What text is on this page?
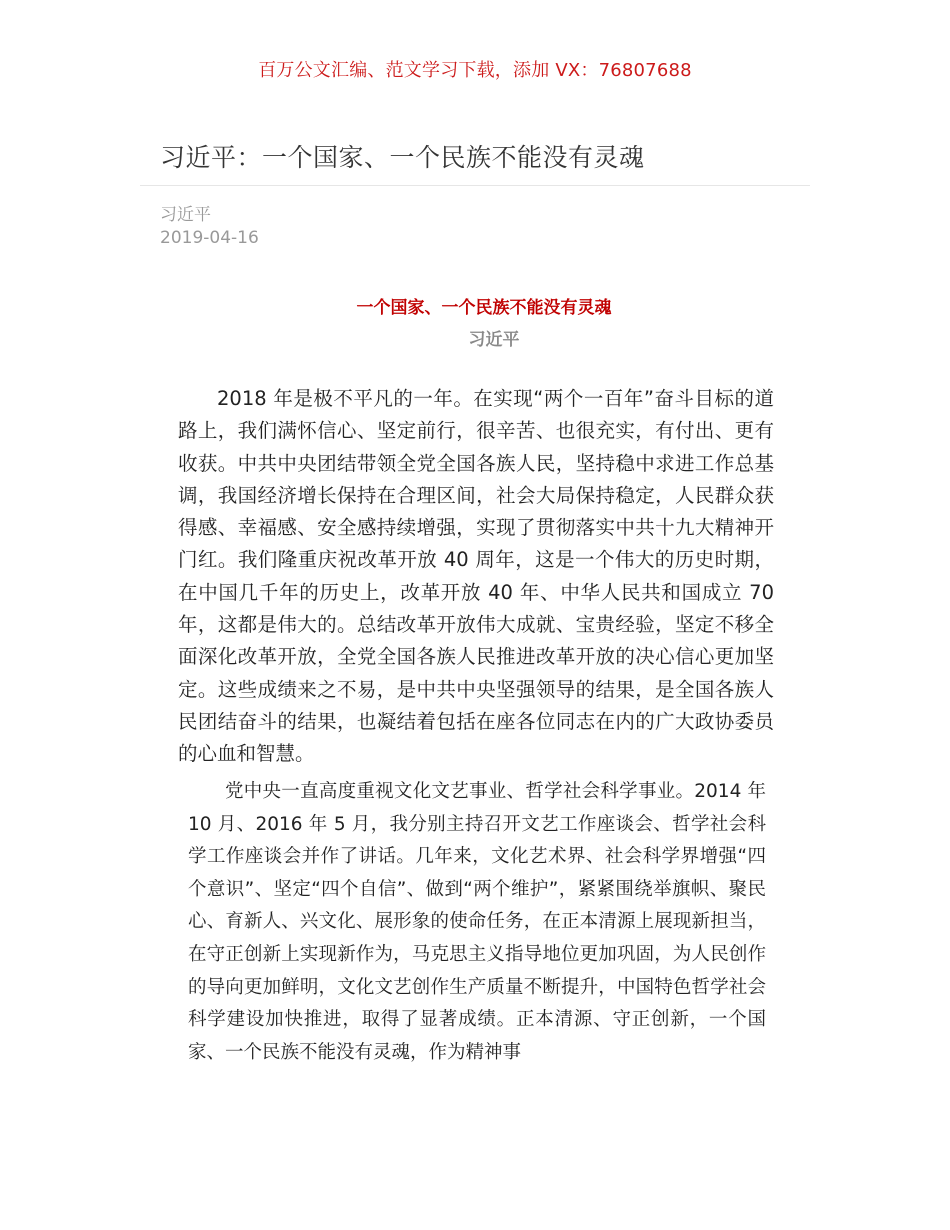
百万公文汇编、范文学习下载，添加 VX：76807688
习近平：一个国家、一个民族不能没有灵魂
习近平
2019-04-16
一个国家、一个民族不能没有灵魂
习近平

2018 年是极不平凡的一年。在实现“两个一百年”奋斗目标的道路上，我们满怀信心、坚定前行，很辛苦、也很充实，有付出、更有收获。中共中央团结带领全党全国各族人民，坚持稳中求进工作总基调，我国经济增长保持在合理区间，社会大局保持稳定，人民群众获得感、幸福感、安全感持续增强，实现了贯彻落实中共十九大精神开门红。我们隆重庆祝改革开放 40 周年，这是一个伟大的历史时期，在中国几千年的历史上，改革开放 40 年、中华人民共和国成立 70 年，这都是伟大的。总结改革开放伟大成就、宝贵经验，坚定不移全面深化改革开放，全党全国各族人民推进改革开放的决心信心更加坚定。这些成绩来之不易，是中共中央坚强领导的结果，是全国各族人民团结奋斗的结果，也凝结着包括在座各位同志在内的广大政协委员的心血和智慧。

党中央一直高度重视文化文艺事业、哲学社会科学事业。2014 年 10 月、2016 年 5 月，我分别主持召开文艺工作座谈会、哲学社会科学工作座谈会并作了讲话。几年来，文化艺术界、社会科学界增强“四个意识”、坚定“四个自信”、做到“两个维护”，紧紧围绕举旗帜、聚民心、育新人、兴文化、展形象的使命任务，在正本清源上展现新担当，在守正创新上实现新作为，马克思主义指导地位更加巩固，为人民创作的导向更加鲜明，文化文艺创作生产质量不断提升，中国特色哲学社会科学建设加快推进，取得了显著成绩。正本清源、守正创新，一个国家、一个民族不能没有灵魂，作为精神事
